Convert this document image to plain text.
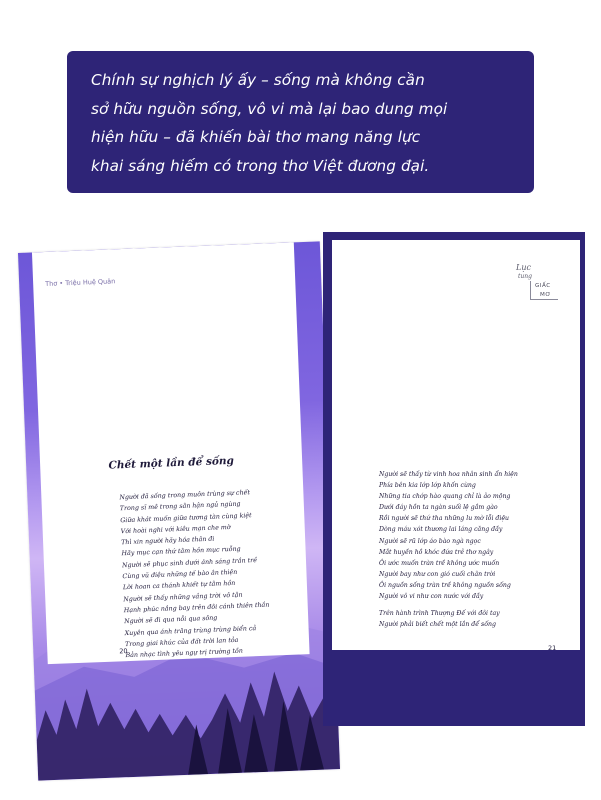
Chính sự nghịch lý ấy – sống mà không cần
sở hữu nguồn sống, vô vi mà lại bao dung mọi
hiện hữu – đã khiến bài thơ mang năng lực
khai sáng hiếm có trong thơ Việt đương đại.
Thơ • Triệu Huệ Quân
Chết một lần để sống
Người đã sống trong muôn trùng sự chết
Trong sĩ mê trong sân hận ngủ ngùng
Giữa khát muốn giữa tương tàn cùng kiệt
Với hoài nghi với kiêu mạn che mờ
Thì xin người hãy hóa thân đi
Hãy mục cạn thứ tâm hồn mục ruỗng
Người sẽ phục sinh dưới ánh sáng trần trề
Cùng vũ điệu những tế bào ân thiện
Lời hoan ca thánh khiết tự tâm hồn
Người sẽ thấy những vầng trời vô tận
Hạnh phúc nắng bay trên đôi cánh thiên thần
Người sẽ đi qua nỗi qua sông
Xuyên qua ánh trăng trùng trùng biển cả
Trong giai khúc của đất trời lan tỏa
Bản nhạc tình yêu ngự trị trường tồn
20
Lục
tung
GIẤC
MƠ
Người sẽ thấy từ vinh hoa nhân sinh ẩn hiện
Phía bên kia lớp lớp khốn cùng
Những tia chớp hào quang chỉ là ảo mộng
Dưới đáy hồn ta ngàn suối lệ gầm gào
Rồi người sẽ thứ tha những lu mờ lỗi điệu
Dòng máu xót thương lai láng căng đầy
Người sẽ rũ lớp áo bào ngà ngọc
Mắt huyền hồ khóc đứa trẻ thơ ngây
Ôi ước muốn tràn trề không ước muốn
Người bay như con gió cuối chân trời
Ôi nguồn sống tràn trề không nguồn sống
Người vô vi như con nước với đầy
Trên hành trình Thượng Đế với đôi tay
Người phải biết chết một lần để sống
21
